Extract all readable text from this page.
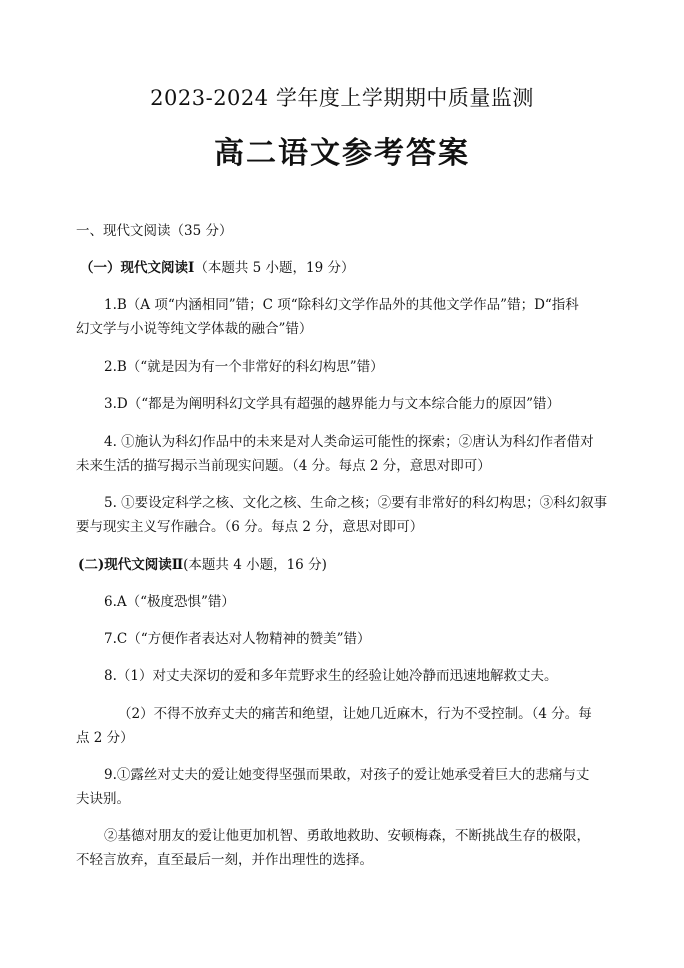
2023-2024 学年度上学期期中质量监测
高二语文参考答案
一、现代文阅读（35 分）
（一）现代文阅读Ⅰ（本题共 5 小题，19 分）
1.B（A 项“内涵相同”错；C 项“除科幻文学作品外的其他文学作品”错；D“指科
幻文学与小说等纯文学体裁的融合”错）
2.B（“就是因为有一个非常好的科幻构思”错）
3.D（“都是为阐明科幻文学具有超强的越界能力与文本综合能力的原因”错）
4. ①施认为科幻作品中的未来是对人类命运可能性的探索；②唐认为科幻作者借对
未来生活的描写揭示当前现实问题。（4 分。每点 2 分，意思对即可）
5. ①要设定科学之核、文化之核、生命之核；②要有非常好的科幻构思；③科幻叙事
要与现实主义写作融合。（6 分。每点 2 分，意思对即可）
(二)现代文阅读Ⅱ(本题共 4 小题，16 分)
6.A（“极度恐惧”错）
7.C（“方便作者表达对人物精神的赞美”错）
8.（1）对丈夫深切的爱和多年荒野求生的经验让她冷静而迅速地解救丈夫。
（2）不得不放弃丈夫的痛苦和绝望，让她几近麻木，行为不受控制。（4 分。每
点 2 分）
9.①露丝对丈夫的爱让她变得坚强而果敢，对孩子的爱让她承受着巨大的悲痛与丈
夫诀别。
②基德对朋友的爱让他更加机智、勇敢地救助、安顿梅森，不断挑战生存的极限，
不轻言放弃，直至最后一刻，并作出理性的选择。
